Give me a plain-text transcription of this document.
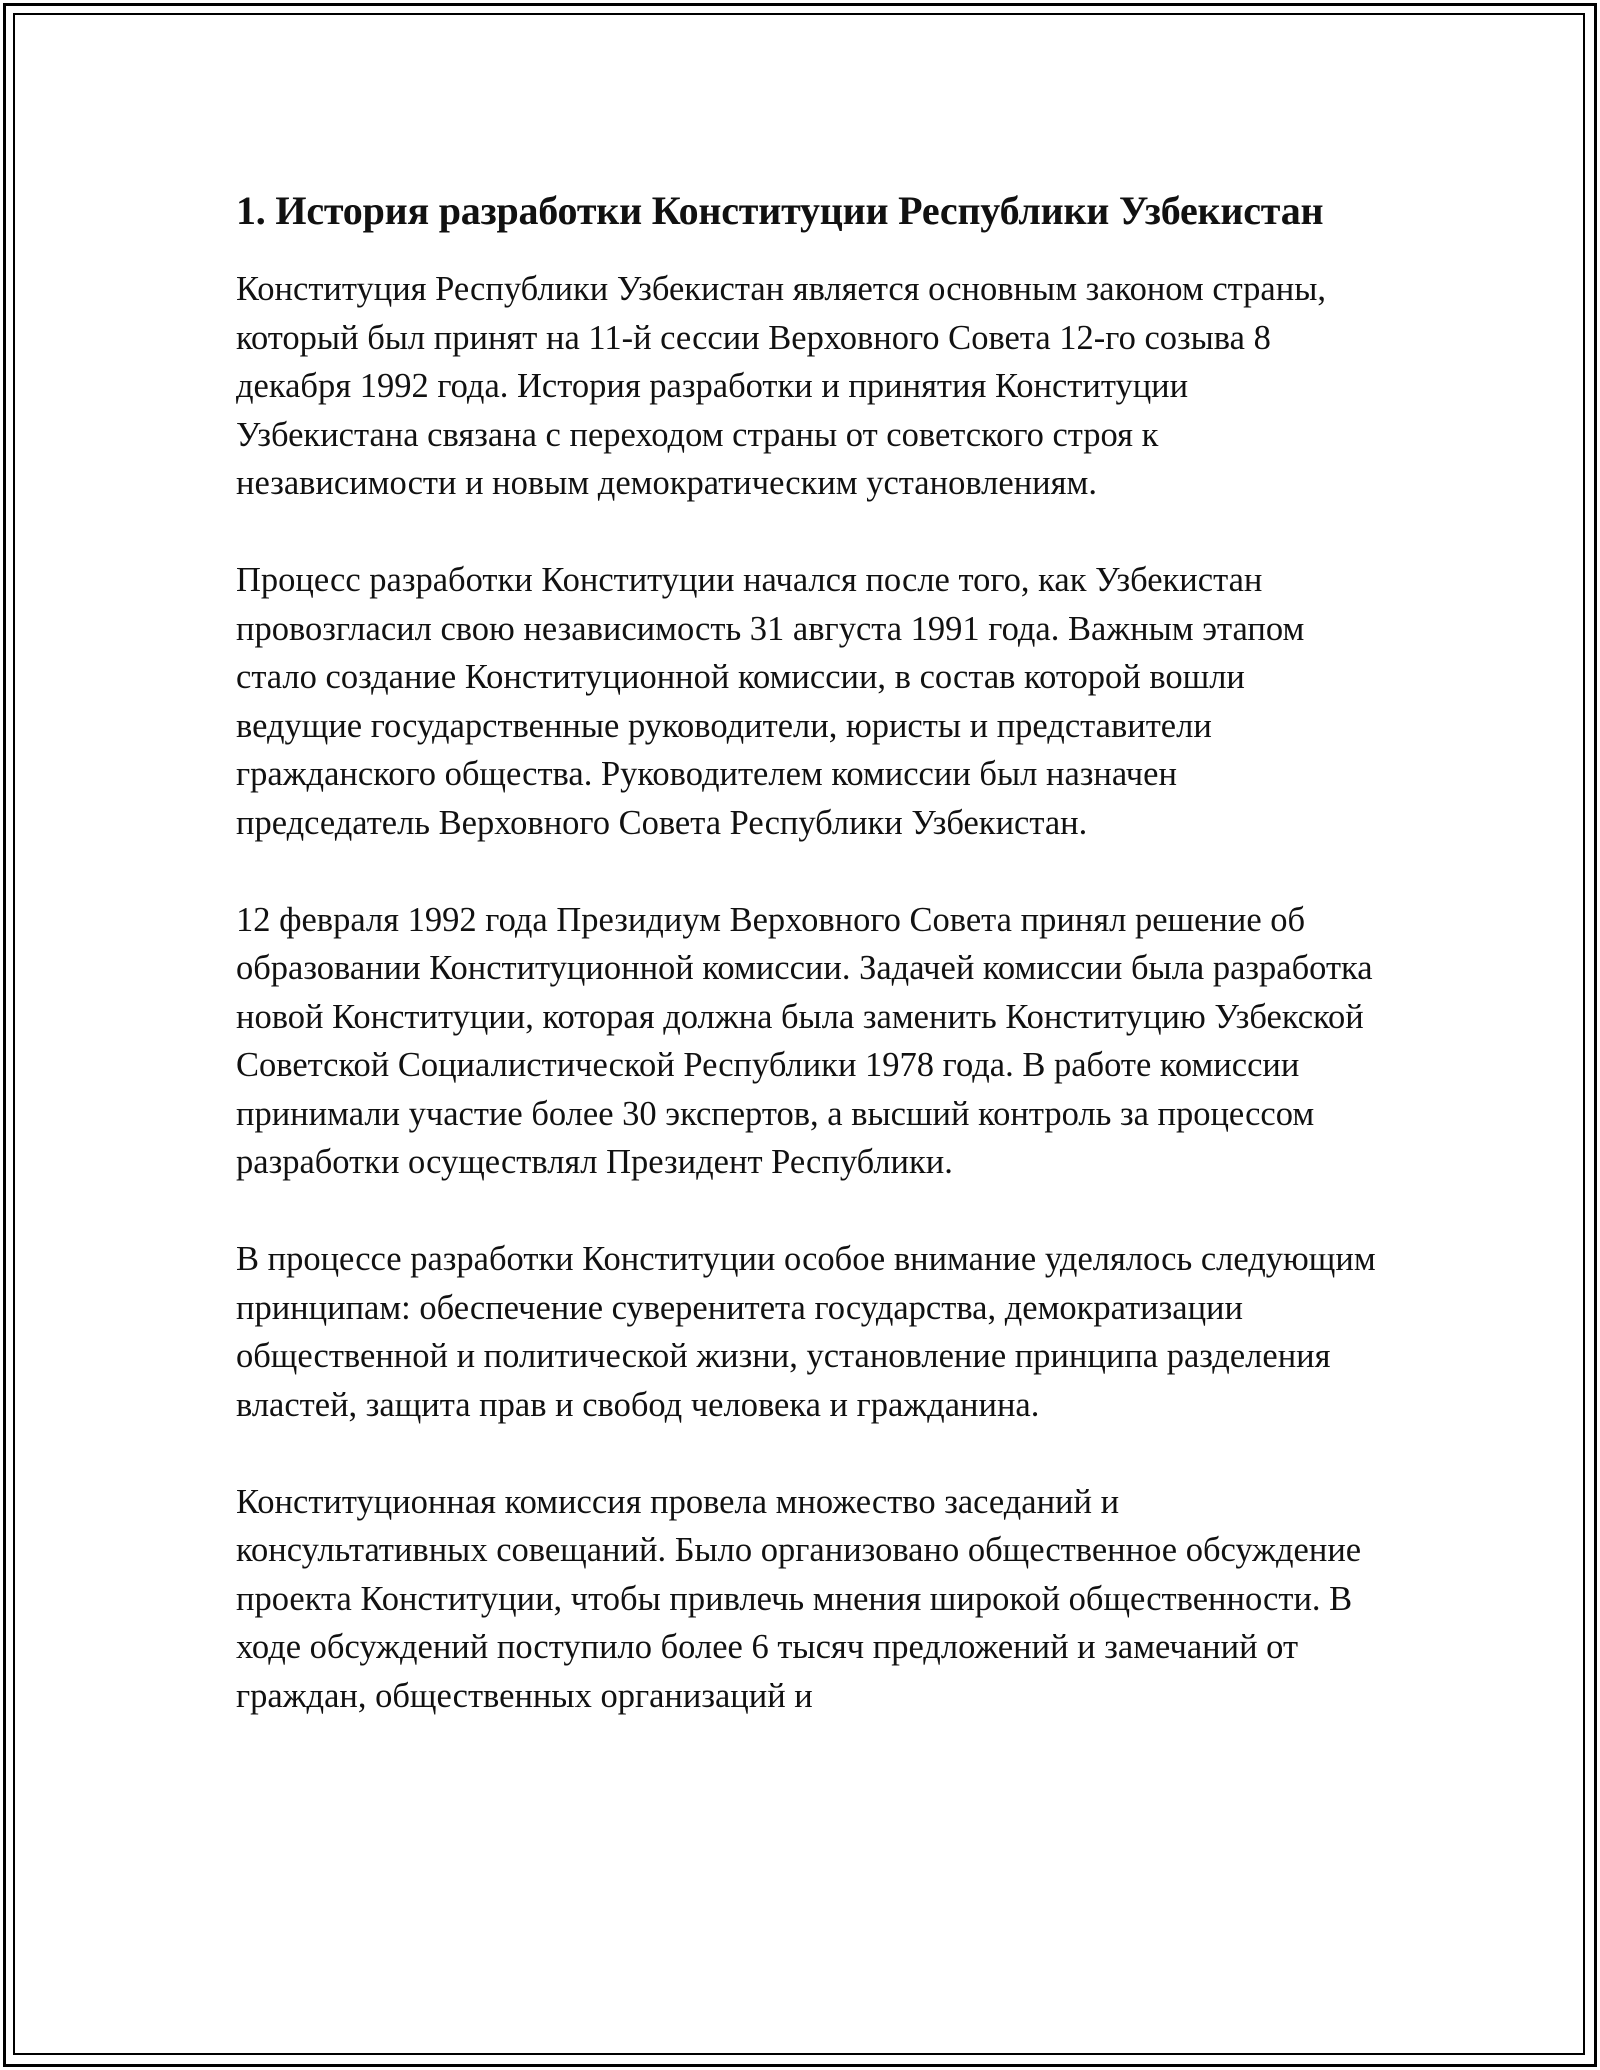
1. История разработки Конституции Республики Узбекистан

Конституция Республики Узбекистан является основным законом страны, который был принят на 11-й сессии Верховного Совета 12-го созыва 8 декабря 1992 года. История разработки и принятия Конституции Узбекистана связана с переходом страны от советского строя к независимости и новым демократическим установлениям.

Процесс разработки Конституции начался после того, как Узбекистан провозгласил свою независимость 31 августа 1991 года. Важным этапом стало создание Конституционной комиссии, в состав которой вошли ведущие государственные руководители, юристы и представители гражданского общества. Руководителем комиссии был назначен председатель Верховного Совета Республики Узбекистан.

12 февраля 1992 года Президиум Верховного Совета принял решение об образовании Конституционной комиссии. Задачей комиссии была разработка новой Конституции, которая должна была заменить Конституцию Узбекской Советской Социалистической Республики 1978 года. В работе комиссии принимали участие более 30 экспертов, а высший контроль за процессом разработки осуществлял Президент Республики.

В процессе разработки Конституции особое внимание уделялось следующим принципам: обеспечение суверенитета государства, демократизации общественной и политической жизни, установление принципа разделения властей, защита прав и свобод человека и гражданина.

Конституционная комиссия провела множество заседаний и консультативных совещаний. Было организовано общественное обсуждение проекта Конституции, чтобы привлечь мнения широкой общественности. В ходе обсуждений поступило более 6 тысяч предложений и замечаний от граждан, общественных организаций и
